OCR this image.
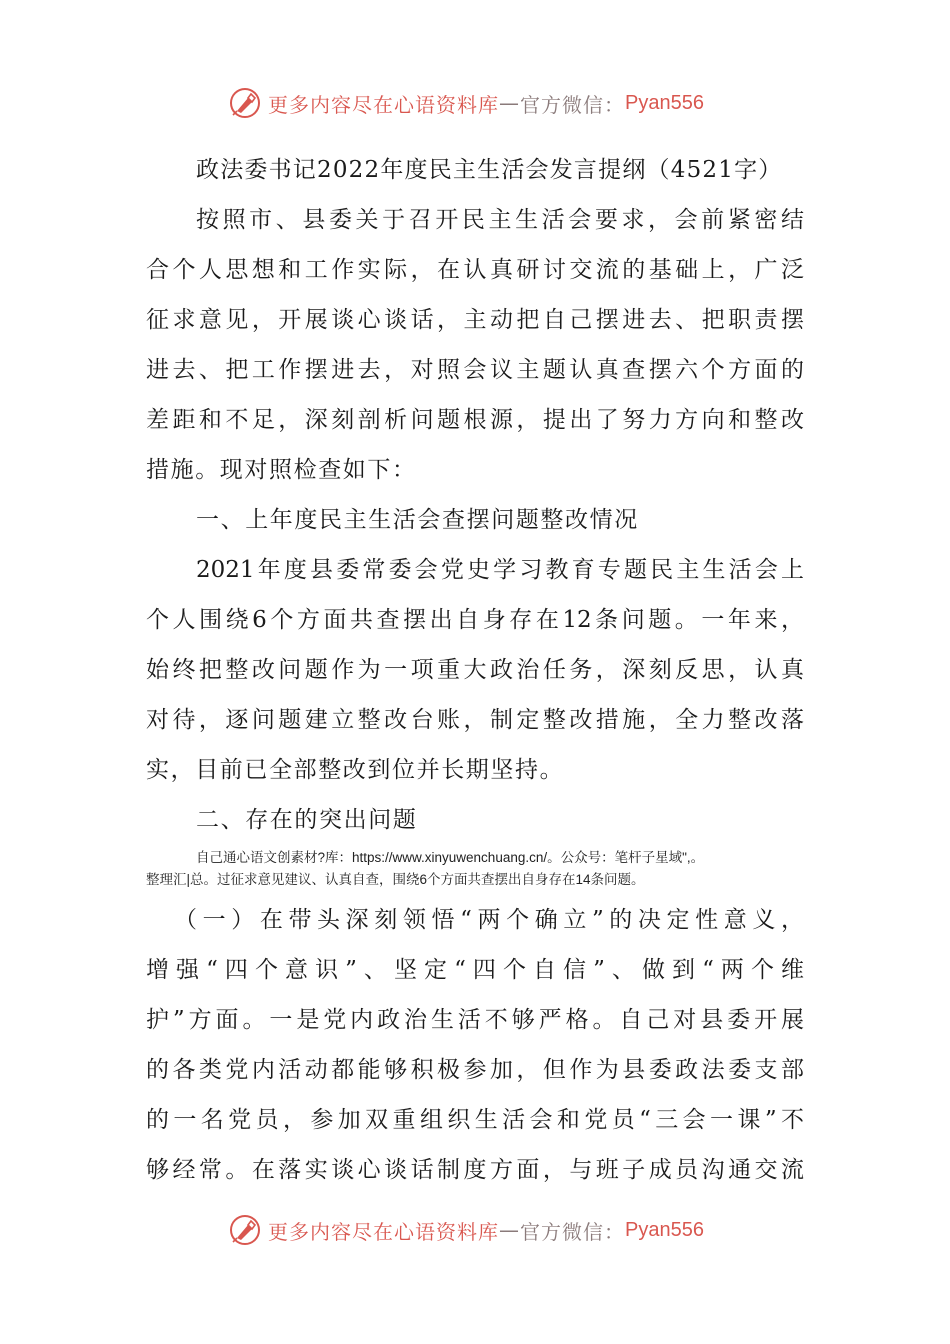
更多内容尽在心语资料库 — 官方微信： Pyan556
政法委书记2022年度民主生活会发言提纲（4521字）
按照市、县委关于召开民主生活会要求，会前紧密结
合个人思想和工作实际，在认真研讨交流的基础上，广泛
征求意见，开展谈心谈话，主动把自己摆进去、把职责摆
进去、把工作摆进去，对照会议主题认真查摆六个方面的
差距和不足，深刻剖析问题根源，提出了努力方向和整改
措施。现对照检查如下：
一、上年度民主生活会查摆问题整改情况
2021年度县委常委会党史学习教育专题民主生活会上
个人围绕6个方面共查摆出自身存在12条问题。一年来，
始终把整改问题作为一项重大政治任务，深刻反思，认真
对待，逐问题建立整改台账，制定整改措施，全力整改落
实，目前已全部整改到位并长期坚持。
二、存在的突出问题
自己通心语文创素材?库：https://www.xinyuwenchuang.cn/。公众号：笔杆子星域",。
整理汇|总。过征求意见建议、认真自查，围绕6个方面共查摆出自身存在14条问题。
（一）在带头深刻领悟“两个确立”的决定性意义，
增强“四个意识”、坚定“四个自信”、做到“两个维
护”方面。一是党内政治生活不够严格。自己对县委开展
的各类党内活动都能够积极参加，但作为县委政法委支部
的一名党员，参加双重组织生活会和党员“三会一课”不
够经常。在落实谈心谈话制度方面，与班子成员沟通交流
更多内容尽在心语资料库 — 官方微信： Pyan556
